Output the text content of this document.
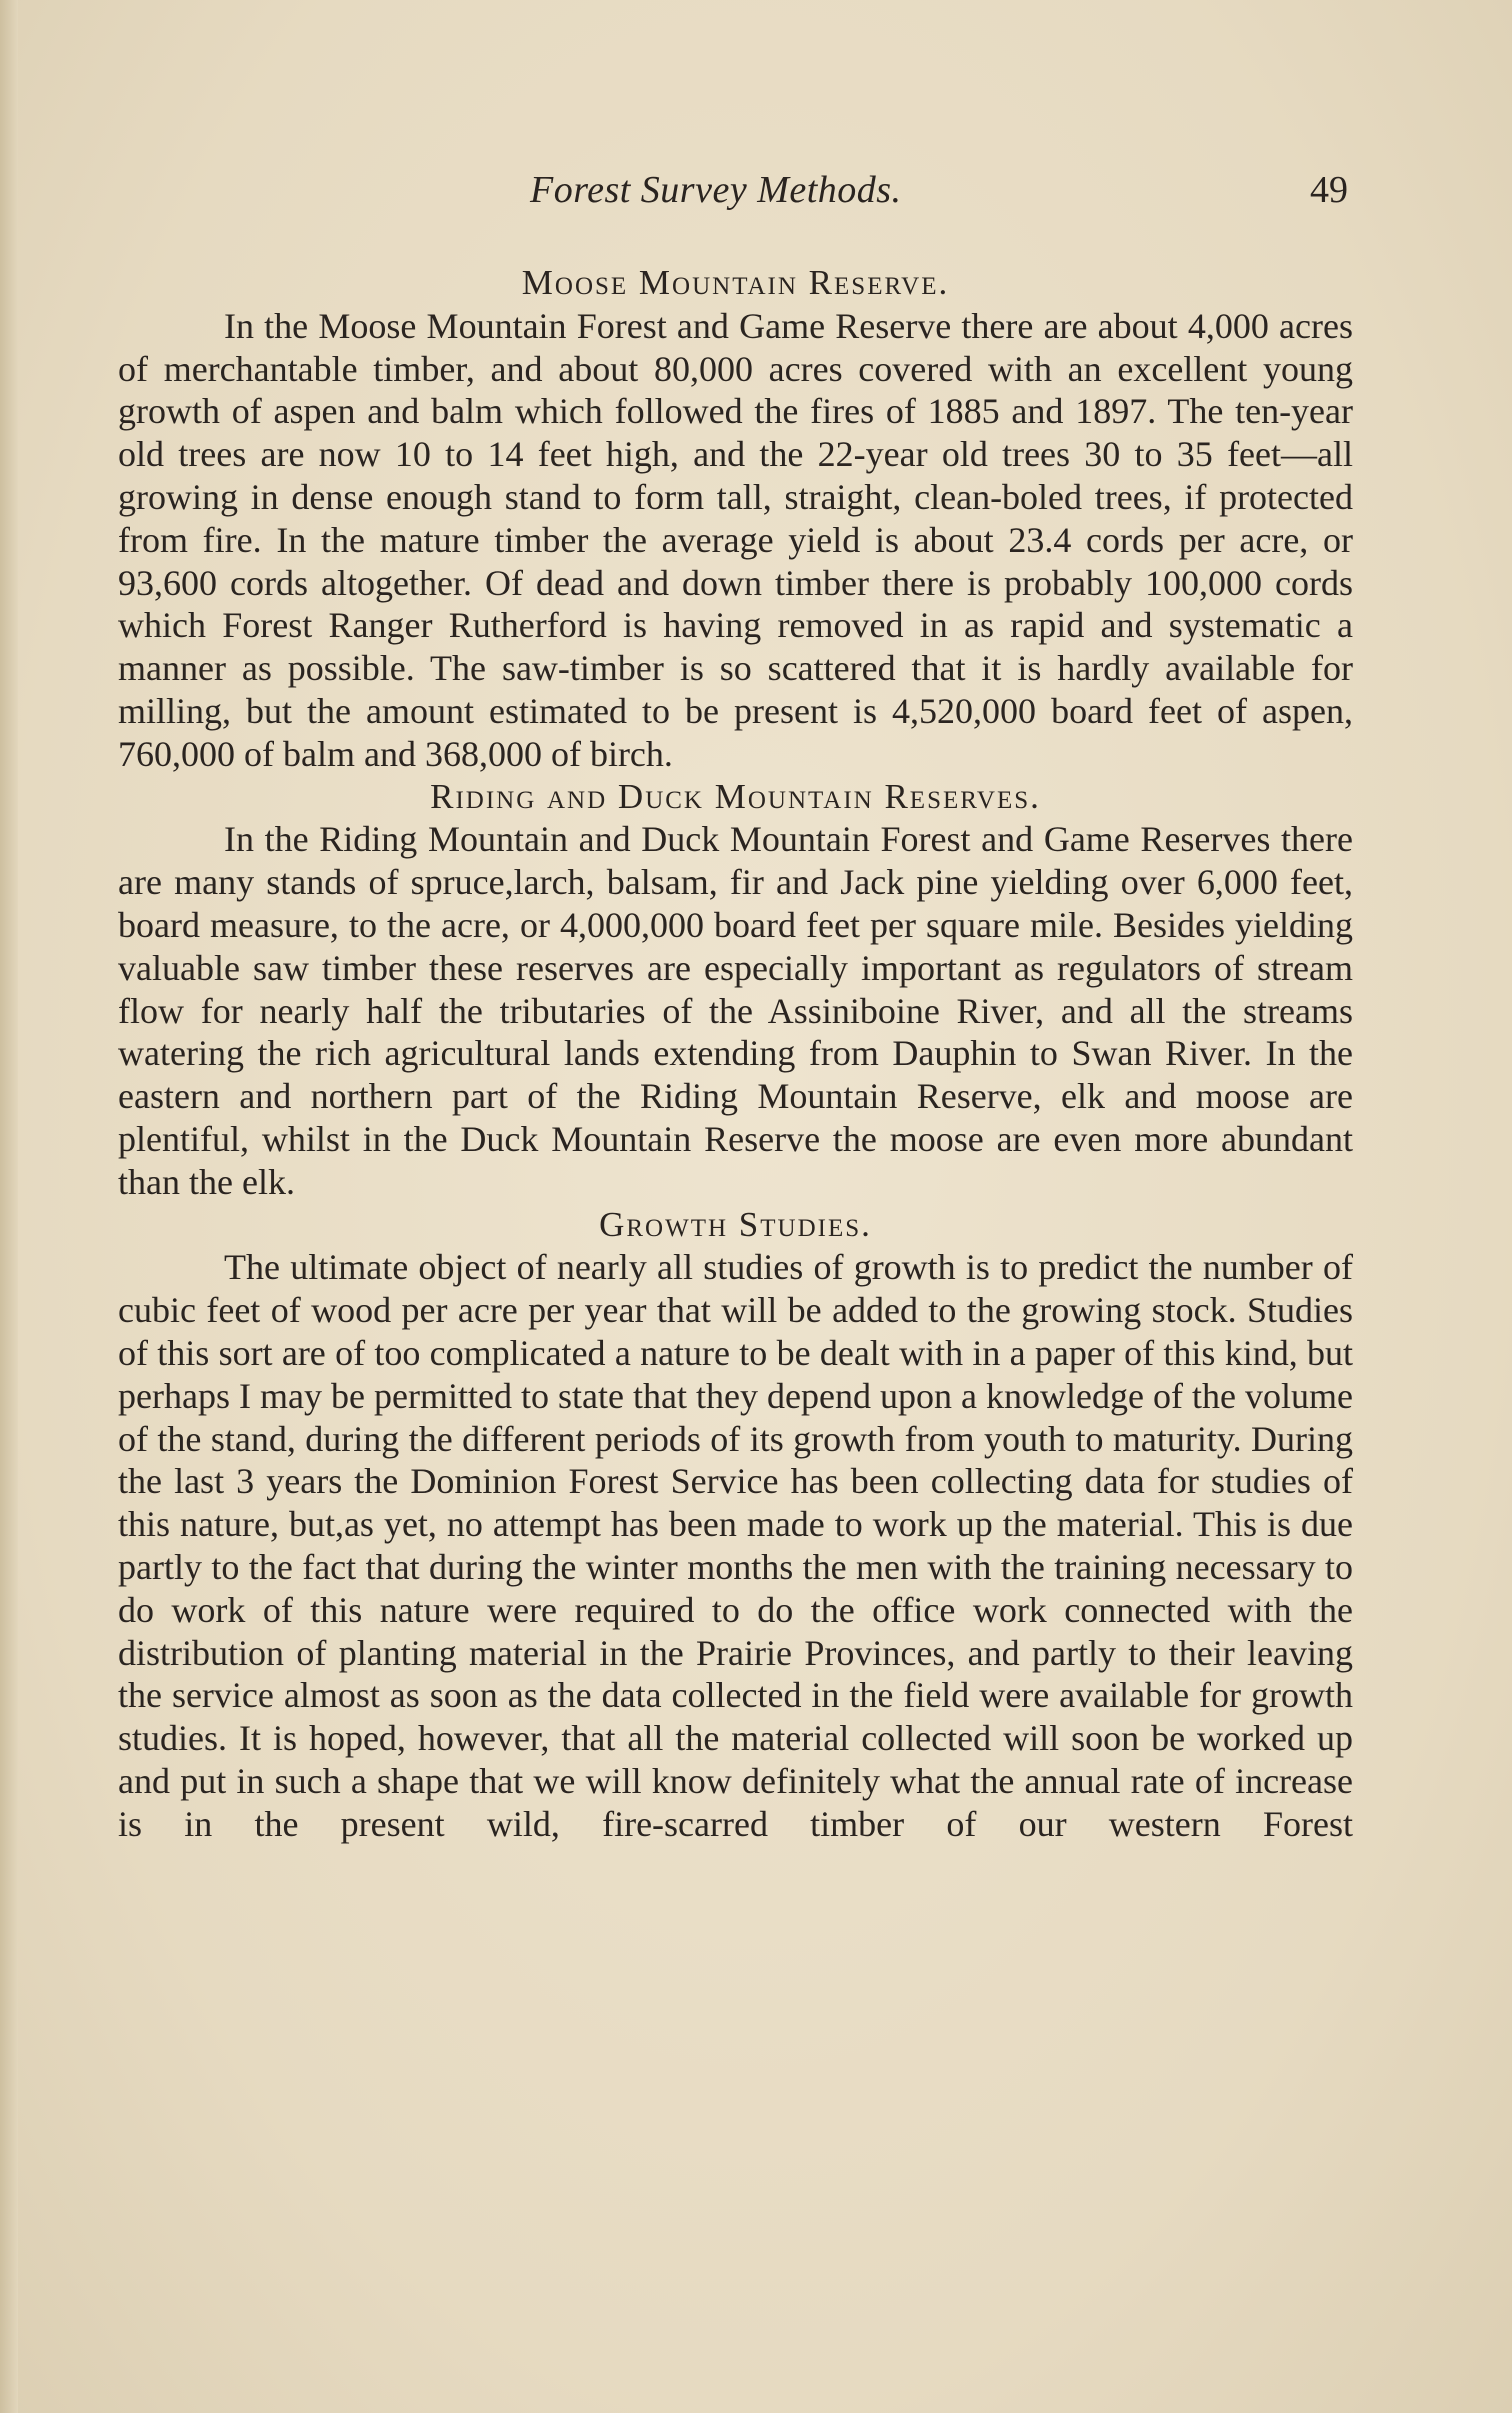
Forest Survey Methods.	49

Moose Mountain Reserve.

In the Moose Mountain Forest and Game Reserve there are about 4,000 acres of merchantable timber, and about 80,000 acres covered with an excellent young growth of aspen and balm which followed the fires of 1885 and 1897. The ten-year old trees are now 10 to 14 feet high, and the 22-year old trees 30 to 35 feet—all growing in dense enough stand to form tall, straight, clean-boled trees, if protected from fire. In the mature timber the average yield is about 23.4 cords per acre, or 93,600 cords altogether. Of dead and down timber there is probably 100,000 cords which Forest Ranger Rutherford is having removed in as rapid and systematic a manner as possible. The saw-timber is so scattered that it is hardly available for milling, but the amount estimated to be present is 4,520,000 board feet of aspen, 760,000 of balm and 368,000 of birch.

Riding and Duck Mountain Reserves.

In the Riding Mountain and Duck Mountain Forest and Game Reserves there are many stands of spruce,larch, balsam, fir and Jack pine yielding over 6,000 feet, board measure, to the acre, or 4,000,000 board feet per square mile. Besides yielding valuable saw timber these reserves are especially important as regulators of stream flow for nearly half the tributaries of the Assiniboine River, and all the streams watering the rich agricultural lands extending from Dauphin to Swan River. In the eastern and northern part of the Riding Mountain Reserve, elk and moose are plentiful, whilst in the Duck Mountain Reserve the moose are even more abundant than the elk.

Growth Studies.

The ultimate object of nearly all studies of growth is to predict the number of cubic feet of wood per acre per year that will be added to the growing stock. Studies of this sort are of too complicated a nature to be dealt with in a paper of this kind, but perhaps I may be permitted to state that they depend upon a knowledge of the volume of the stand, during the different periods of its growth from youth to maturity. During the last 3 years the Dominion Forest Service has been collecting data for studies of this nature, but,as yet, no attempt has been made to work up the material. This is due partly to the fact that during the winter months the men with the training necessary to do work of this nature were required to do the office work connected with the distribution of planting material in the Prairie Provinces, and partly to their leaving the service almost as soon as the data collected in the field were available for growth studies. It is hoped, however, that all the material collected will soon be worked up and put in such a shape that we will know definitely what the annual rate of increase is in the present wild, fire-scarred timber of our western Forest
